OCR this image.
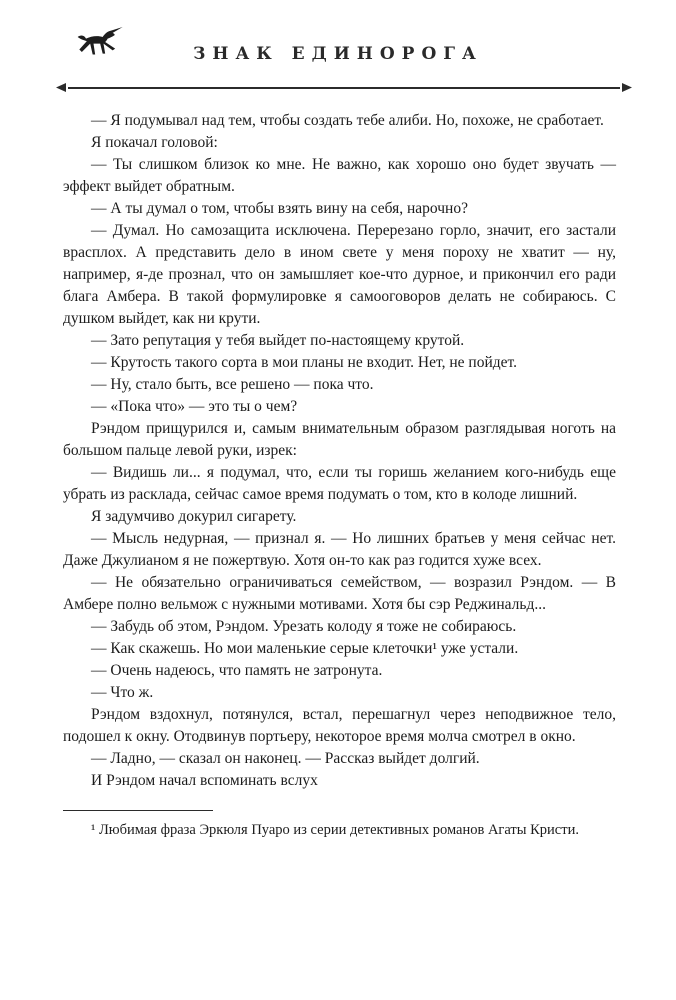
ЗНАК ЕДИНОРОГА

— Я подумывал над тем, чтобы создать тебе алиби. Но, похоже, не сработает.

Я покачал головой:

— Ты слишком близок ко мне. Не важно, как хорошо оно будет звучать — эффект выйдет обратным.

— А ты думал о том, чтобы взять вину на себя, нарочно?

— Думал. Но самозащита исключена. Перерезано горло, значит, его застали врасплох. А представить дело в ином свете у меня пороху не хватит — ну, например, я-де прознал, что он замышляет кое-что дурное, и прикончил его ради блага Амбера. В такой формулировке я самооговоров делать не собираюсь. С душком выйдет, как ни крути.

— Зато репутация у тебя выйдет по-настоящему крутой.

— Крутость такого сорта в мои планы не входит. Нет, не пойдет.

— Ну, стало быть, все решено — пока что.

— «Пока что» — это ты о чем?

Рэндом прищурился и, самым внимательным образом разглядывая ноготь на большом пальце левой руки, изрек:

— Видишь ли... я подумал, что, если ты горишь желанием кого-нибудь еще убрать из расклада, сейчас самое время подумать о том, кто в колоде лишний.

Я задумчиво докурил сигарету.

— Мысль недурная, — признал я. — Но лишних братьев у меня сейчас нет. Даже Джулианом я не пожертвую. Хотя он-то как раз годится хуже всех.

— Не обязательно ограничиваться семейством, — возразил Рэндом. — В Амбере полно вельмож с нужными мотивами. Хотя бы сэр Реджинальд...

— Забудь об этом, Рэндом. Урезать колоду я тоже не собираюсь.

— Как скажешь. Но мои маленькие серые клеточки¹ уже устали.

— Очень надеюсь, что память не затронута.

— Что ж.

Рэндом вздохнул, потянулся, встал, перешагнул через неподвижное тело, подошел к окну. Отодвинув портьеру, некоторое время молча смотрел в окно.

— Ладно, — сказал он наконец. — Рассказ выйдет долгий.

И Рэндом начал вспоминать вслух

¹ Любимая фраза Эркюля Пуаро из серии детективных романов Агаты Кристи.
